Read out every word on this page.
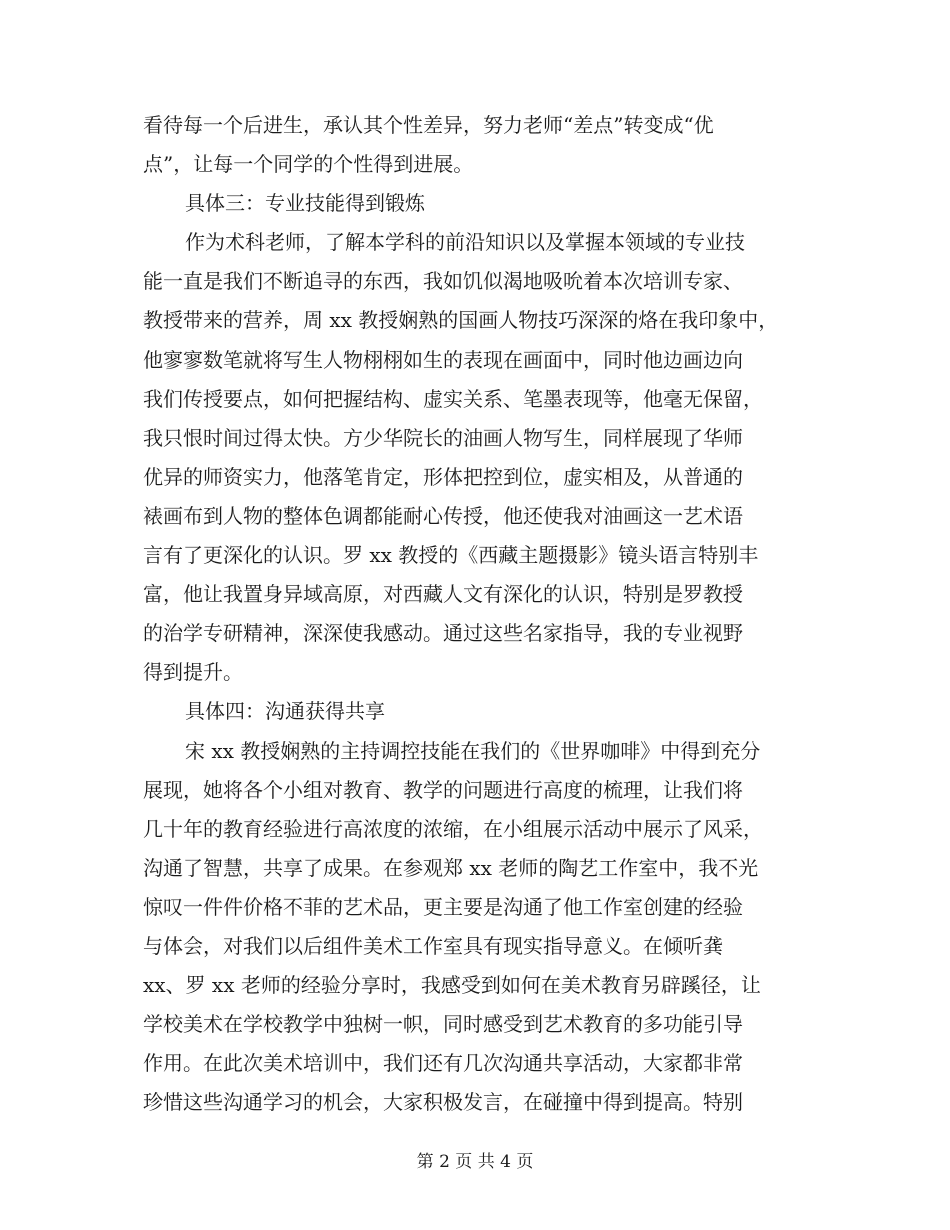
看待每一个后进生，承认其个性差异，努力老师“差点”转变成“优
点”，让每一个同学的个性得到进展。
具体三：专业技能得到锻炼
作为术科老师，了解本学科的前沿知识以及掌握本领域的专业技
能一直是我们不断追寻的东西，我如饥似渴地吸吮着本次培训专家、
教授带来的营养，周 xx 教授娴熟的国画人物技巧深深的烙在我印象中，
他寥寥数笔就将写生人物栩栩如生的表现在画面中，同时他边画边向
我们传授要点，如何把握结构、虚实关系、笔墨表现等，他毫无保留，
我只恨时间过得太快。方少华院长的油画人物写生，同样展现了华师
优异的师资实力，他落笔肯定，形体把控到位，虚实相及，从普通的
裱画布到人物的整体色调都能耐心传授，他还使我对油画这一艺术语
言有了更深化的认识。罗 xx 教授的《西藏主题摄影》镜头语言特别丰
富，他让我置身异域高原，对西藏人文有深化的认识，特别是罗教授
的治学专研精神，深深使我感动。通过这些名家指导，我的专业视野
得到提升。
具体四：沟通获得共享
宋 xx 教授娴熟的主持调控技能在我们的《世界咖啡》中得到充分
展现，她将各个小组对教育、教学的问题进行高度的梳理，让我们将
几十年的教育经验进行高浓度的浓缩，在小组展示活动中展示了风采，
沟通了智慧，共享了成果。在参观郑 xx 老师的陶艺工作室中，我不光
惊叹一件件价格不菲的艺术品，更主要是沟通了他工作室创建的经验
与体会，对我们以后组件美术工作室具有现实指导意义。在倾听龚
xx、罗 xx 老师的经验分享时，我感受到如何在美术教育另辟蹊径，让
学校美术在学校教学中独树一帜，同时感受到艺术教育的多功能引导
作用。在此次美术培训中，我们还有几次沟通共享活动，大家都非常
珍惜这些沟通学习的机会，大家积极发言，在碰撞中得到提高。特别
第 2 页 共 4 页
